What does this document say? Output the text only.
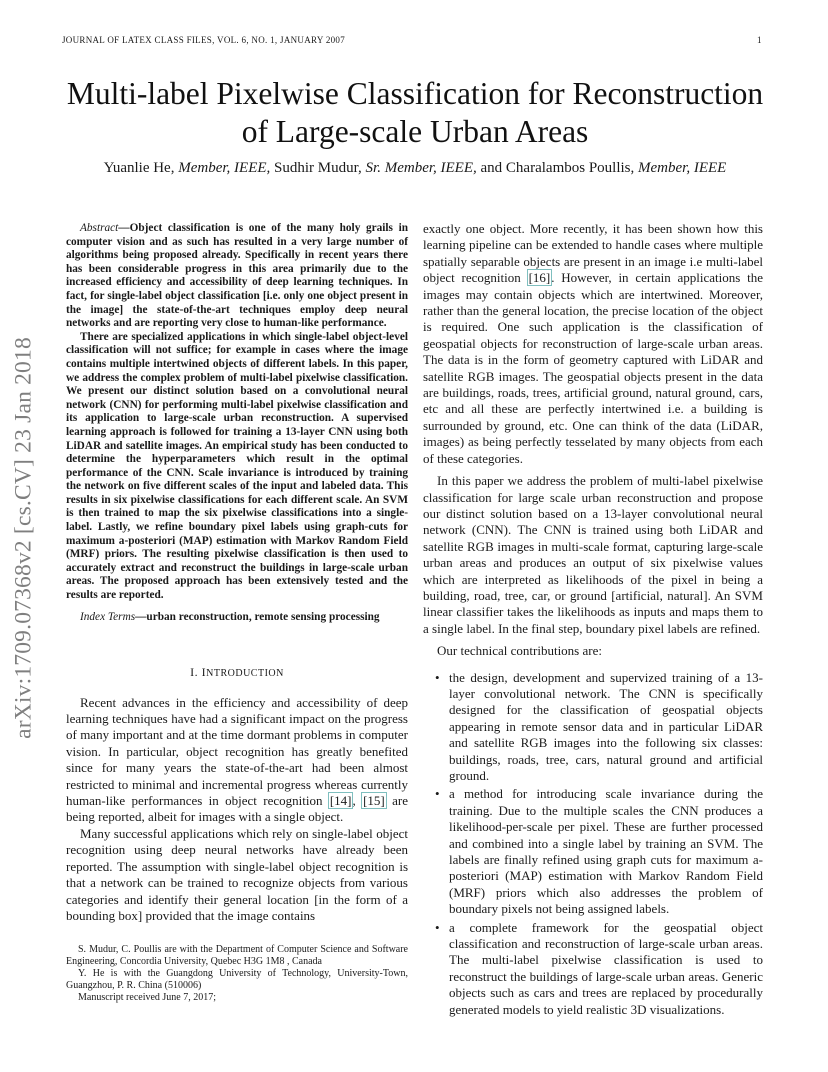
JOURNAL OF LATEX CLASS FILES, VOL. 6, NO. 1, JANUARY 2007	1
arXiv:1709.07368v2 [cs.CV] 23 Jan 2018
Multi-label Pixelwise Classification for Reconstruction of Large-scale Urban Areas
Yuanlie He, Member, IEEE, Sudhir Mudur, Sr. Member, IEEE, and Charalambos Poullis, Member, IEEE

Abstract—Object classification is one of the many holy grails in computer vision and as such has resulted in a very large number of algorithms being proposed already. Specifically in recent years there has been considerable progress in this area primarily due to the increased efficiency and accessibility of deep learning techniques. In fact, for single-label object classification [i.e. only one object present in the image] the state-of-the-art techniques employ deep neural networks and are reporting very close to human-like performance.

There are specialized applications in which single-label object-level classification will not suffice; for example in cases where the image contains multiple intertwined objects of different labels. In this paper, we address the complex problem of multi-label pixelwise classification. We present our distinct solution based on a convolutional neural network (CNN) for performing multi-label pixelwise classification and its application to large-scale urban reconstruction. A supervised learning approach is followed for training a 13-layer CNN using both LiDAR and satellite images. An empirical study has been conducted to determine the hyperparameters which result in the optimal performance of the CNN. Scale invariance is introduced by training the network on five different scales of the input and labeled data. This results in six pixelwise classifications for each different scale. An SVM is then trained to map the six pixelwise classifications into a single-label. Lastly, we refine boundary pixel labels using graph-cuts for maximum a-posteriori (MAP) estimation with Markov Random Field (MRF) priors. The resulting pixelwise classification is then used to accurately extract and reconstruct the buildings in large-scale urban areas. The proposed approach has been extensively tested and the results are reported.

Index Terms—urban reconstruction, remote sensing processing

I. INTRODUCTION

Recent advances in the efficiency and accessibility of deep learning techniques have had a significant impact on the progress of many important and at the time dormant problems in computer vision. In particular, object recognition has greatly benefited since for many years the state-of-the-art had been almost restricted to minimal and incremental progress whereas currently human-like performances in object recognition [14], [15] are being reported, albeit for images with a single object.

Many successful applications which rely on single-label object recognition using deep neural networks have already been reported. The assumption with single-label object recognition is that a network can be trained to recognize objects from various categories and identify their general location [in the form of a bounding box] provided that the image contains

S. Mudur, C. Poullis are with the Department of Computer Science and Software Engineering, Concordia University, Quebec H3G 1M8 , Canada

Y. He is with the Guangdong University of Technology, University-Town, Guangzhou, P. R. China (510006)

Manuscript received June 7, 2017;

exactly one object. More recently, it has been shown how this learning pipeline can be extended to handle cases where multiple spatially separable objects are present in an image i.e multi-label object recognition [16]. However, in certain applications the images may contain objects which are intertwined. Moreover, rather than the general location, the precise location of the object is required. One such application is the classification of geospatial objects for reconstruction of large-scale urban areas. The data is in the form of geometry captured with LiDAR and satellite RGB images. The geospatial objects present in the data are buildings, roads, trees, artificial ground, natural ground, cars, etc and all these are perfectly intertwined i.e. a building is surrounded by ground, etc. One can think of the data (LiDAR, images) as being perfectly tesselated by many objects from each of these categories.

In this paper we address the problem of multi-label pixelwise classification for large scale urban reconstruction and propose our distinct solution based on a 13-layer convolutional neural network (CNN). The CNN is trained using both LiDAR and satellite RGB images in multi-scale format, capturing large-scale urban areas and produces an output of six pixelwise values which are interpreted as likelihoods of the pixel in being a building, road, tree, car, or ground [artificial, natural]. An SVM linear classifier takes the likelihoods as inputs and maps them to a single label. In the final step, boundary pixel labels are refined.

Our technical contributions are:

• the design, development and supervized training of a 13-layer convolutional network. The CNN is specifically designed for the classification of geospatial objects appearing in remote sensor data and in particular LiDAR and satellite RGB images into the following six classes: buildings, roads, tree, cars, natural ground and artificial ground.
• a method for introducing scale invariance during the training. Due to the multiple scales the CNN produces a likelihood-per-scale per pixel. These are further processed and combined into a single label by training an SVM. The labels are finally refined using graph cuts for maximum a-posteriori (MAP) estimation with Markov Random Field (MRF) priors which also addresses the problem of boundary pixels not being assigned labels.
• a complete framework for the geospatial object classification and reconstruction of large-scale urban areas. The multi-label pixelwise classification is used to reconstruct the buildings of large-scale urban areas. Generic objects such as cars and trees are replaced by procedurally generated models to yield realistic 3D visualizations.
